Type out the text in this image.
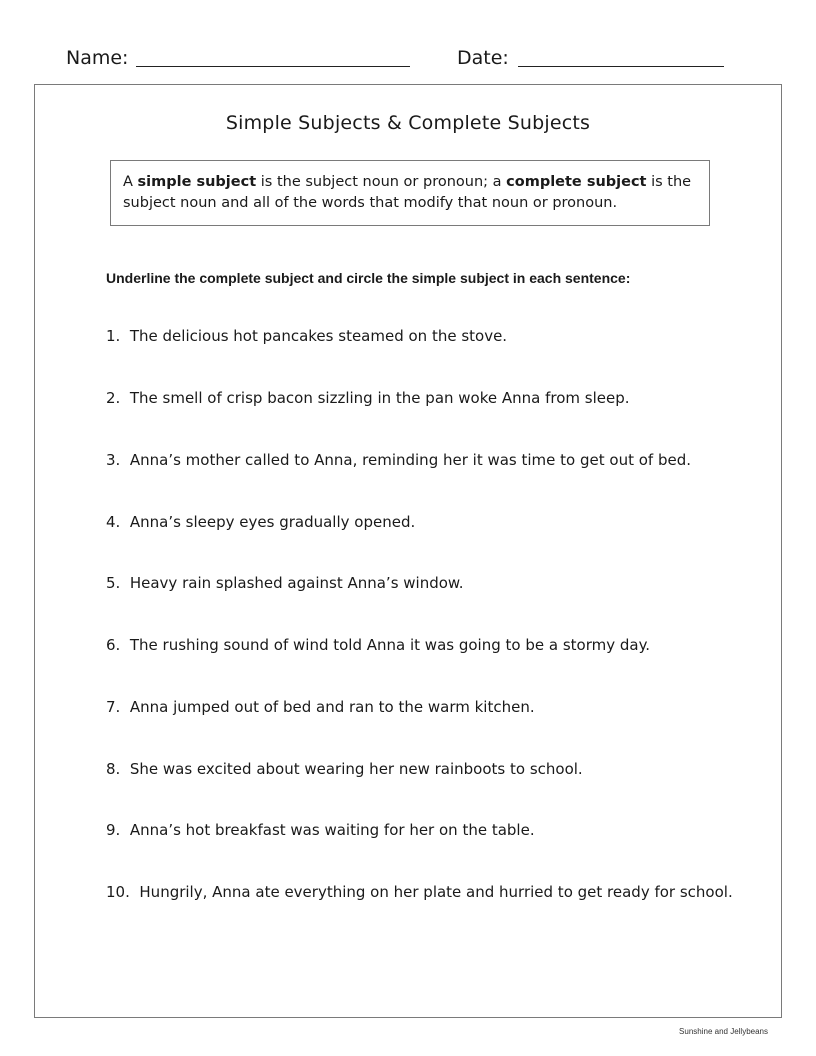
Name:	Date:
Simple Subjects & Complete Subjects
A simple subject is the subject noun or pronoun; a complete subject is the subject noun and all of the words that modify that noun or pronoun.
Underline the complete subject and circle the simple subject in each sentence:
1. The delicious hot pancakes steamed on the stove.
2. The smell of crisp bacon sizzling in the pan woke Anna from sleep.
3. Anna’s mother called to Anna, reminding her it was time to get out of bed.
4. Anna’s sleepy eyes gradually opened.
5. Heavy rain splashed against Anna’s window.
6. The rushing sound of wind told Anna it was going to be a stormy day.
7. Anna jumped out of bed and ran to the warm kitchen.
8. She was excited about wearing her new rainboots to school.
9. Anna’s hot breakfast was waiting for her on the table.
10. Hungrily, Anna ate everything on her plate and hurried to get ready for school.
Sunshine and Jellybeans
